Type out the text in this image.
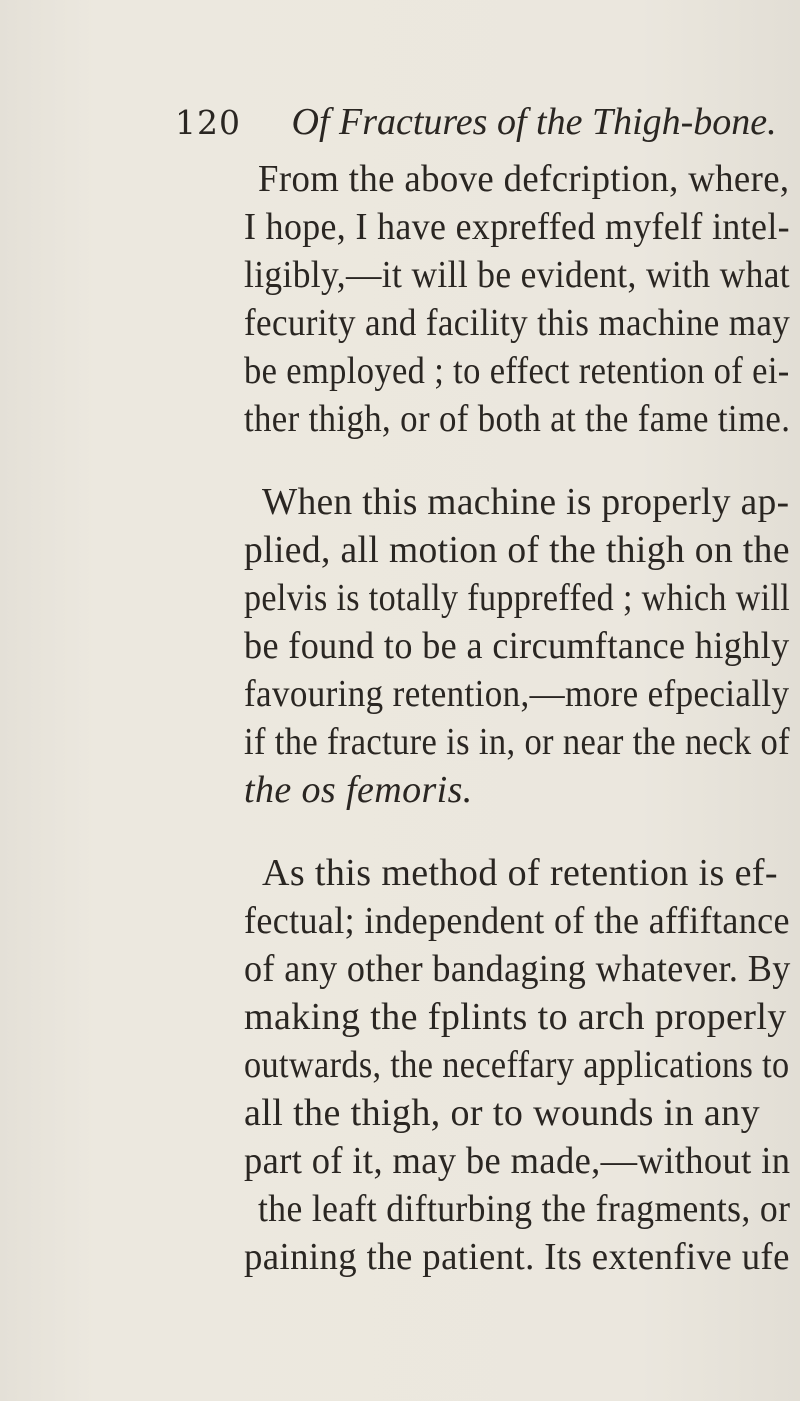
120 Of Fractures of the Thigh-bone.
From the above defcription, where,
I hope, I have expreffed myfelf intel-
ligibly,—it will be evident, with what
fecurity and facility this machine may
be employed ; to effect retention of ei-
ther thigh, or of both at the fame time.
When this machine is properly ap-
plied, all motion of the thigh on the
pelvis is totally fuppreffed ; which will
be found to be a circumftance highly
favouring retention,—more efpecially
if the fracture is in, or near the neck of
the os femoris.
As this method of retention is ef-
fectual; independent of the affiftance
of any other bandaging whatever. By
making the fplints to arch properly
outwards, the neceffary applications to
all the thigh, or to wounds in any
part of it, may be made,—without in
the leaft difturbing the fragments, or
paining the patient. Its extenfive ufe
